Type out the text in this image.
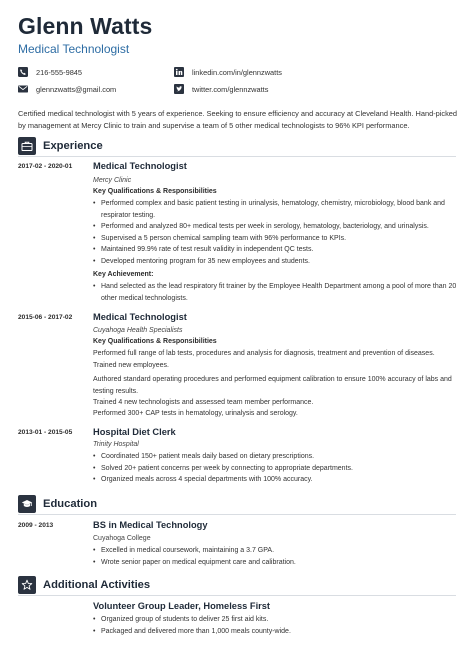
Glenn Watts
Medical Technologist
216-555-9845
glennzwatts@gmail.com
linkedin.com/in/glennzwatts
twitter.com/glennzwatts
Certified medical technologist with 5 years of experience. Seeking to ensure efficiency and accuracy at Cleveland Health. Hand-picked by management at Mercy Clinic to train and supervise a team of 5 other medical technologists to 96% KPI performance.
Experience
2017-02 - 2020-01 Medical Technologist
Mercy Clinic
Key Qualifications & Responsibilities
• Performed complex and basic patient testing in urinalysis, hematology, chemistry, microbiology, blood bank and respirator testing.
• Performed and analyzed 80+ medical tests per week in serology, hematology, bacteriology, and urinalysis.
• Supervised a 5 person chemical sampling team with 96% performance to KPIs.
• Maintained 99.9% rate of test result validity in independent QC tests.
• Developed mentoring program for 35 new employees and students.
Key Achievement:
• Hand selected as the lead respiratory fit trainer by the Employee Health Department among a pool of more than 20 other medical technologists.
2015-06 - 2017-02 Medical Technologist
Cuyahoga Health Specialists
Key Qualifications & Responsibilities
Performed full range of lab tests, procedures and analysis for diagnosis, treatment and prevention of diseases. Trained new employees.
Authored standard operating procedures and performed equipment calibration to ensure 100% accuracy of labs and testing results.
Trained 4 new technologists and assessed team member performance.
Performed 300+ CAP tests in hematology, urinalysis and serology.
2013-01 - 2015-05 Hospital Diet Clerk
Trinity Hospital
• Coordinated 150+ patient meals daily based on dietary prescriptions.
• Solved 20+ patient concerns per week by connecting to appropriate departments.
• Organized meals across 4 special departments with 100% accuracy.
Education
2009 - 2013	BS in Medical Technology
Cuyahoga College
• Excelled in medical coursework, maintaining a 3.7 GPA.
• Wrote senior paper on medical equipment care and calibration.
Additional Activities
Volunteer Group Leader, Homeless First
• Organized group of students to deliver 25 first aid kits.
• Packaged and delivered more than 1,000 meals county-wide.
